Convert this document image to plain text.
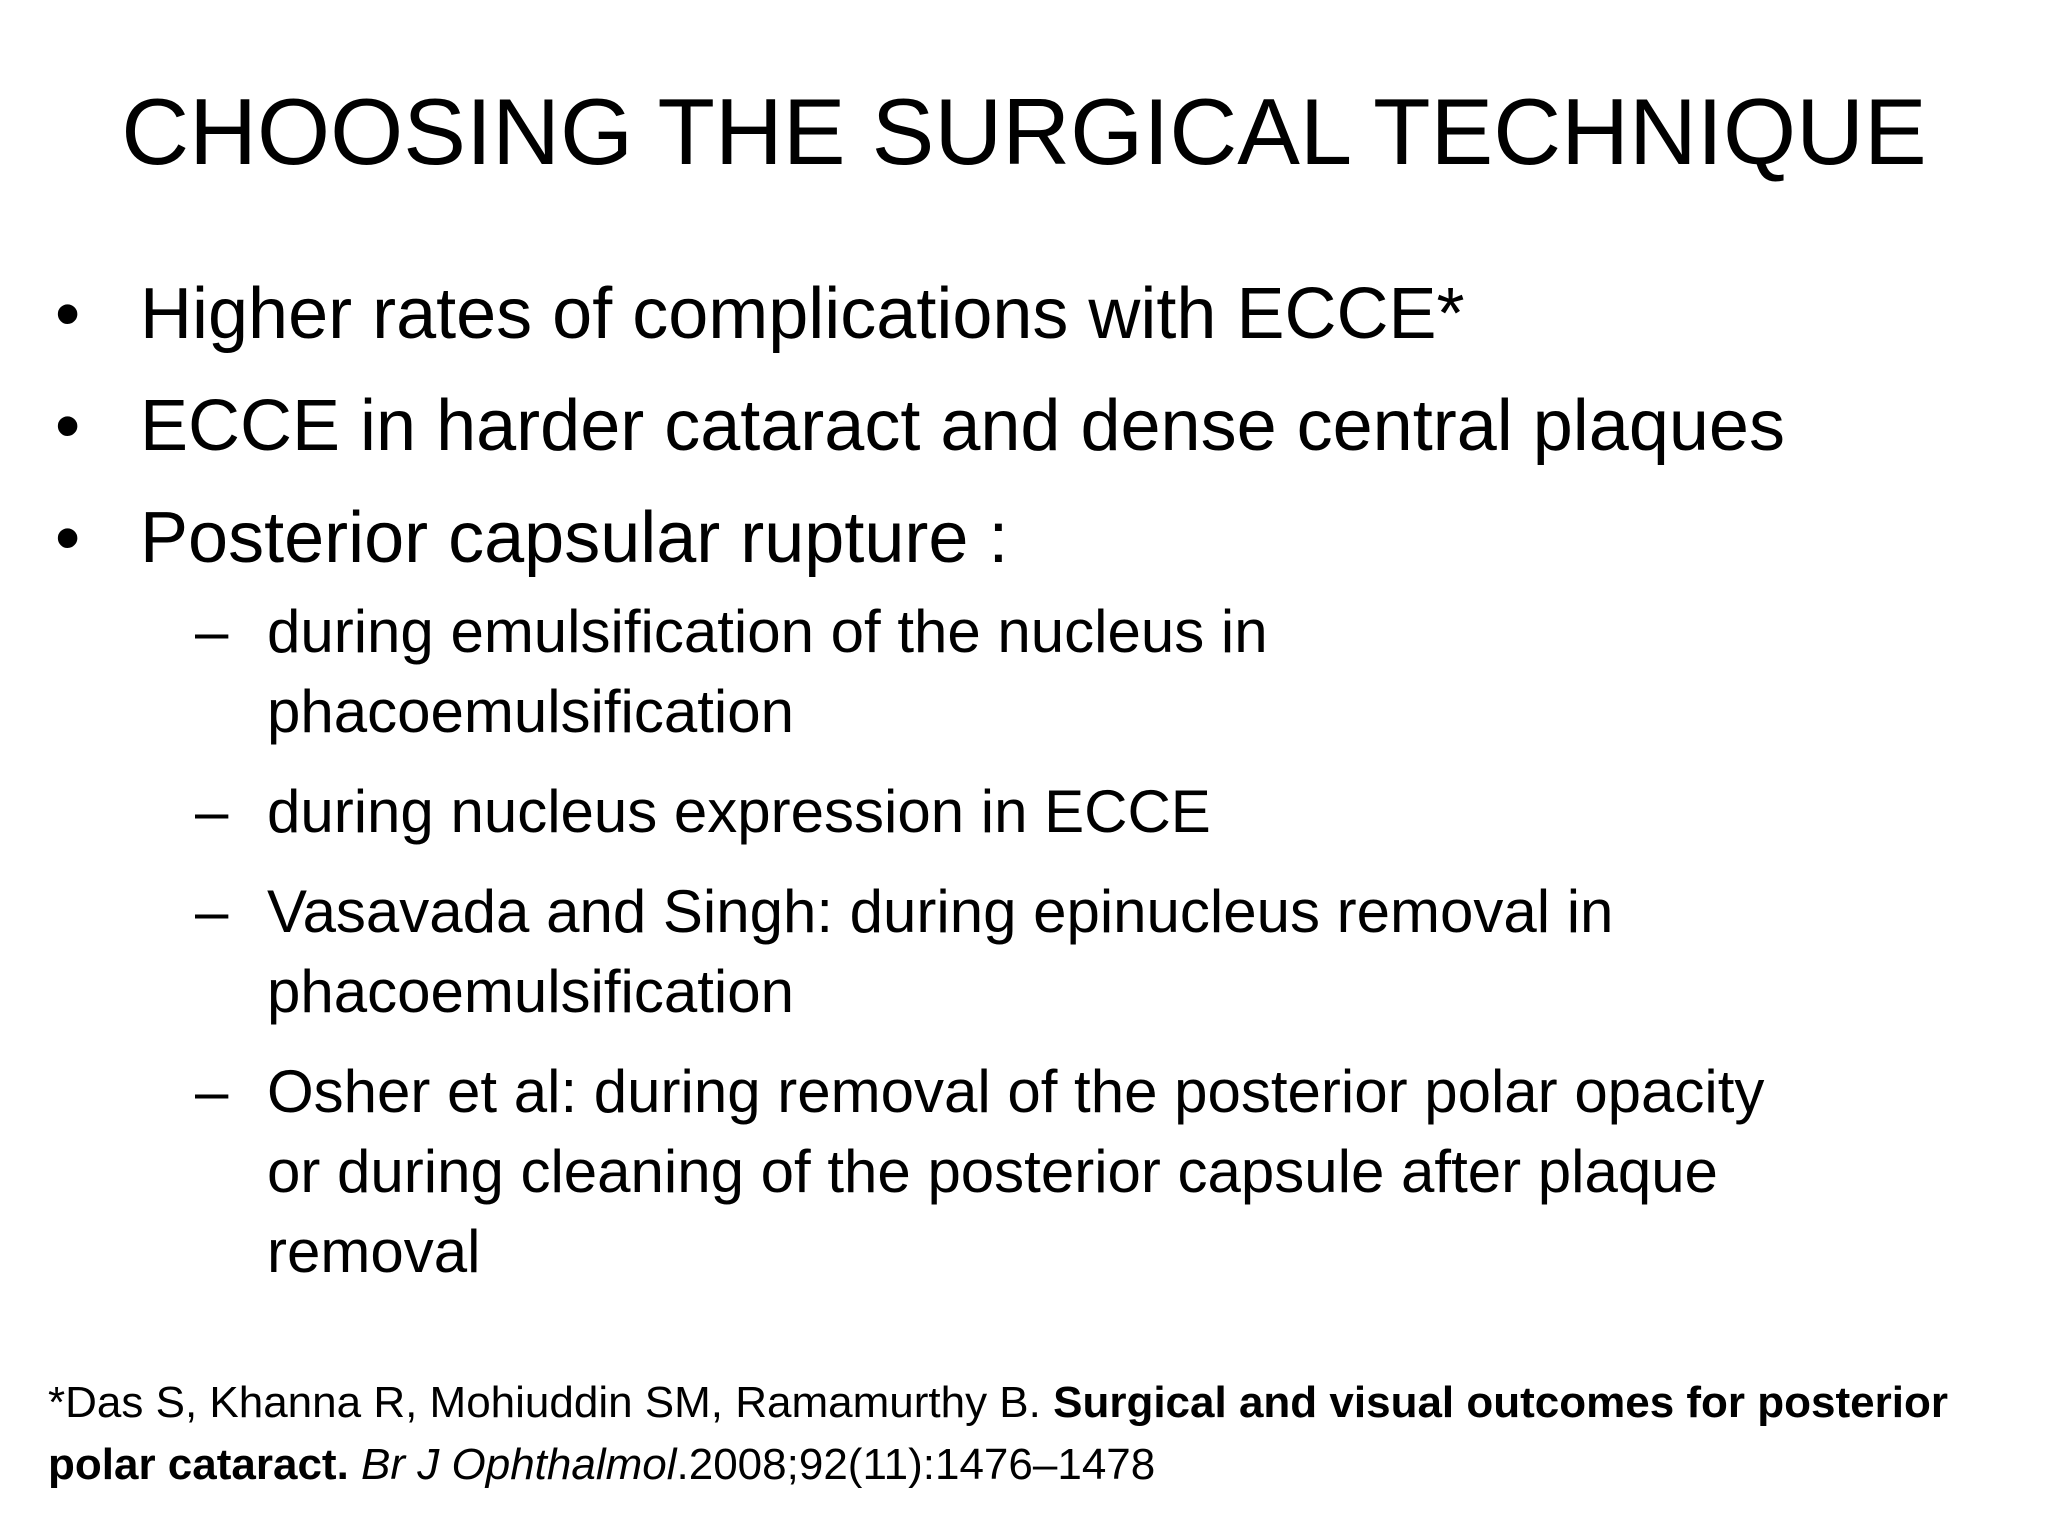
CHOOSING THE SURGICAL TECHNIQUE
• Higher rates of complications with ECCE*
• ECCE in harder cataract and dense central plaques
• Posterior capsular rupture :
– during emulsification of the nucleus in
phacoemulsification
– during nucleus expression in ECCE
– Vasavada and Singh: during epinucleus removal in
phacoemulsification
– Osher et al: during removal of the posterior polar opacity
or during cleaning of the posterior capsule after plaque
removal
*Das S, Khanna R, Mohiuddin SM, Ramamurthy B. Surgical and visual outcomes for posterior polar cataract. Br J Ophthalmol.2008;92(11):1476–1478
